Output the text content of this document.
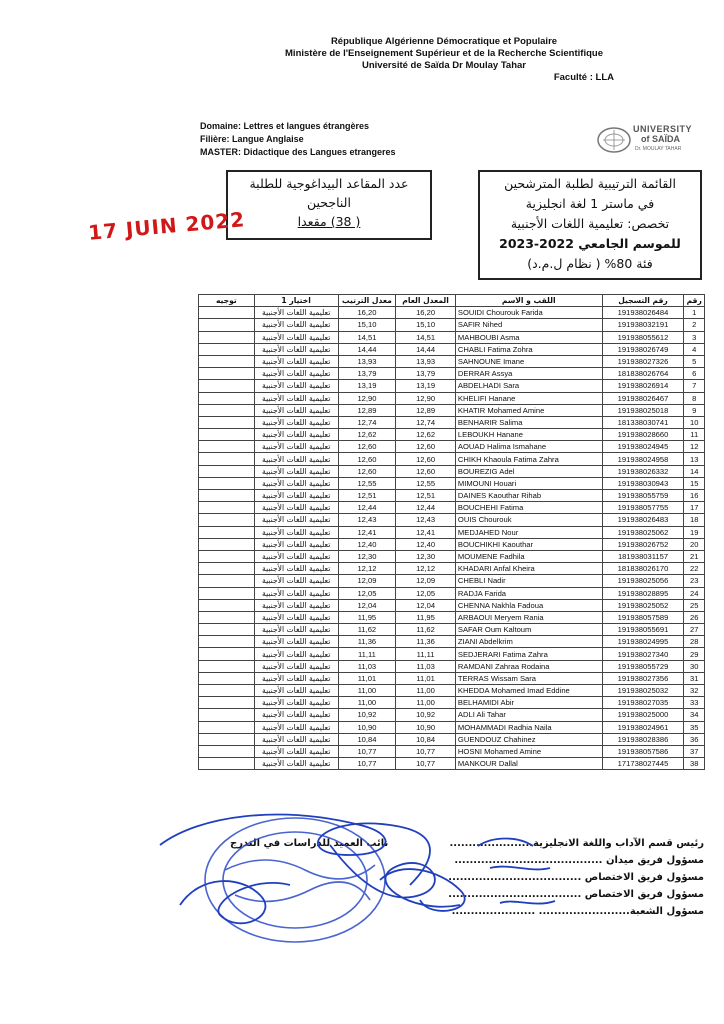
République Algérienne Démocratique et Populaire
Ministère de l'Enseignement Supérieur et de la Recherche Scientifique
Université de Saïda Dr Moulay Tahar
Faculté : LLA
UNIVERSITY
of SAÏDA
Dr. MOULAY TAHAR
Domaine: Lettres et langues étrangères
Filière: Langue Anglaise
MASTER: Didactique des Langues etrangeres
عدد المقاعد البيداغوجية للطلبة
الناجحين
( 38) مقعدا
القائمة الترتيبية لطلبة المترشحين
في ماستر 1 لغة انجليزية
تخصص: تعليمية اللغات الأجنبية
للموسم الجامعي 2022-2023
فئة 80% ( نظام ل.م.د)
17 JUIN 2022
رقم	رقم التسجيل	اللقب و الاسم	المعدل العام	معدل الترتيب	اختيار 1	توجيه
1	191938026484	SOUIDI Chourouk Farida	16,20	16,20	تعليمية اللغات الأجنبية	
2	191938032191	SAFIR Nihed	15,10	15,10	تعليمية اللغات الأجنبية	
3	191938055612	MAHBOUBI Asma	14,51	14,51	تعليمية اللغات الأجنبية	
4	191938026749	CHABLI Fatima Zohra	14,44	14,44	تعليمية اللغات الأجنبية	
5	191938027326	SAHNOUNE Imane	13,93	13,93	تعليمية اللغات الأجنبية	
6	181838026764	DERRAR Assya	13,79	13,79	تعليمية اللغات الأجنبية	
7	191938026914	ABDELHADI Sara	13,19	13,19	تعليمية اللغات الأجنبية	
8	191938026467	KHELIFI Hanane	12,90	12,90	تعليمية اللغات الأجنبية	
9	191938025018	KHATIR Mohamed Amine	12,89	12,89	تعليمية اللغات الأجنبية	
10	181338030741	BENHARIR Salima	12,74	12,74	تعليمية اللغات الأجنبية	
11	191938028660	LEBOUKH Hanane	12,62	12,62	تعليمية اللغات الأجنبية	
12	191938024945	AOUAD Halima Ismahane	12,60	12,60	تعليمية اللغات الأجنبية	
13	191938024958	CHIKH Khaoula Fatima Zahra	12,60	12,60	تعليمية اللغات الأجنبية	
14	191938026332	BOUREZIG Adel	12,60	12,60	تعليمية اللغات الأجنبية	
15	191938030943	MIMOUNI Houari	12,55	12,55	تعليمية اللغات الأجنبية	
16	191938055759	DAINES Kaouthar Rihab	12,51	12,51	تعليمية اللغات الأجنبية	
17	191938057755	BOUCHEHI Fatima	12,44	12,44	تعليمية اللغات الأجنبية	
18	191938026483	OUIS Chourouk	12,43	12,43	تعليمية اللغات الأجنبية	
19	191938025062	MEDJAHED Nour	12,41	12,41	تعليمية اللغات الأجنبية	
20	191938026752	BOUCHIKHI Kaouthar	12,40	12,40	تعليمية اللغات الأجنبية	
21	181938031157	MOUMENE Fadhila	12,30	12,30	تعليمية اللغات الأجنبية	
22	181838026170	KHADARI Anfal Kheira	12,12	12,12	تعليمية اللغات الأجنبية	
23	191938025056	CHEBLI Nadir	12,09	12,09	تعليمية اللغات الأجنبية	
24	191938028895	RADJA Farida	12,05	12,05	تعليمية اللغات الأجنبية	
25	191938025052	CHENNA Nakhla Fadoua	12,04	12,04	تعليمية اللغات الأجنبية	
26	191938057589	ARBAOUI Meryem Rania	11,95	11,95	تعليمية اللغات الأجنبية	
27	191938055691	SAFAR Oum Kaltoum	11,62	11,62	تعليمية اللغات الأجنبية	
28	191938024995	ZIANI Abdelkrim	11,36	11,36	تعليمية اللغات الأجنبية	
29	191938027340	SEDJERARI Fatima Zahra	11,11	11,11	تعليمية اللغات الأجنبية	
30	191938055729	RAMDANI Zahraa Rodaina	11,03	11,03	تعليمية اللغات الأجنبية	
31	191938027356	TERRAS Wissam Sara	11,01	11,01	تعليمية اللغات الأجنبية	
32	191938025032	KHEDDA Mohamed Imad Eddine	11,00	11,00	تعليمية اللغات الأجنبية	
33	191938027035	BELHAMIDI Abir	11,00	11,00	تعليمية اللغات الأجنبية	
34	191938025000	ADLI Ali Tahar	10,92	10,92	تعليمية اللغات الأجنبية	
35	191938024961	MOHAMMADI Radhia Naila	10,90	10,90	تعليمية اللغات الأجنبية	
36	191938028386	GUENDOUZ Chahinez	10,84	10,84	تعليمية اللغات الأجنبية	
37	191938057586	HOSNI Mohamed Amine	10,77	10,77	تعليمية اللغات الأجنبية	
38	171738027445	MANKOUR Dallal	10,77	10,77	تعليمية اللغات الأجنبية	
رئيس قسم الآداب واللغة الانجليزية......................
مسؤول فريق ميدان .......................................
مسؤول فريق الاختصاص ...................................
مسؤول فريق الاختصاص ...................................
مسؤول الشعبة........................ ......................
نائب العميد للدراسات في التدرج
